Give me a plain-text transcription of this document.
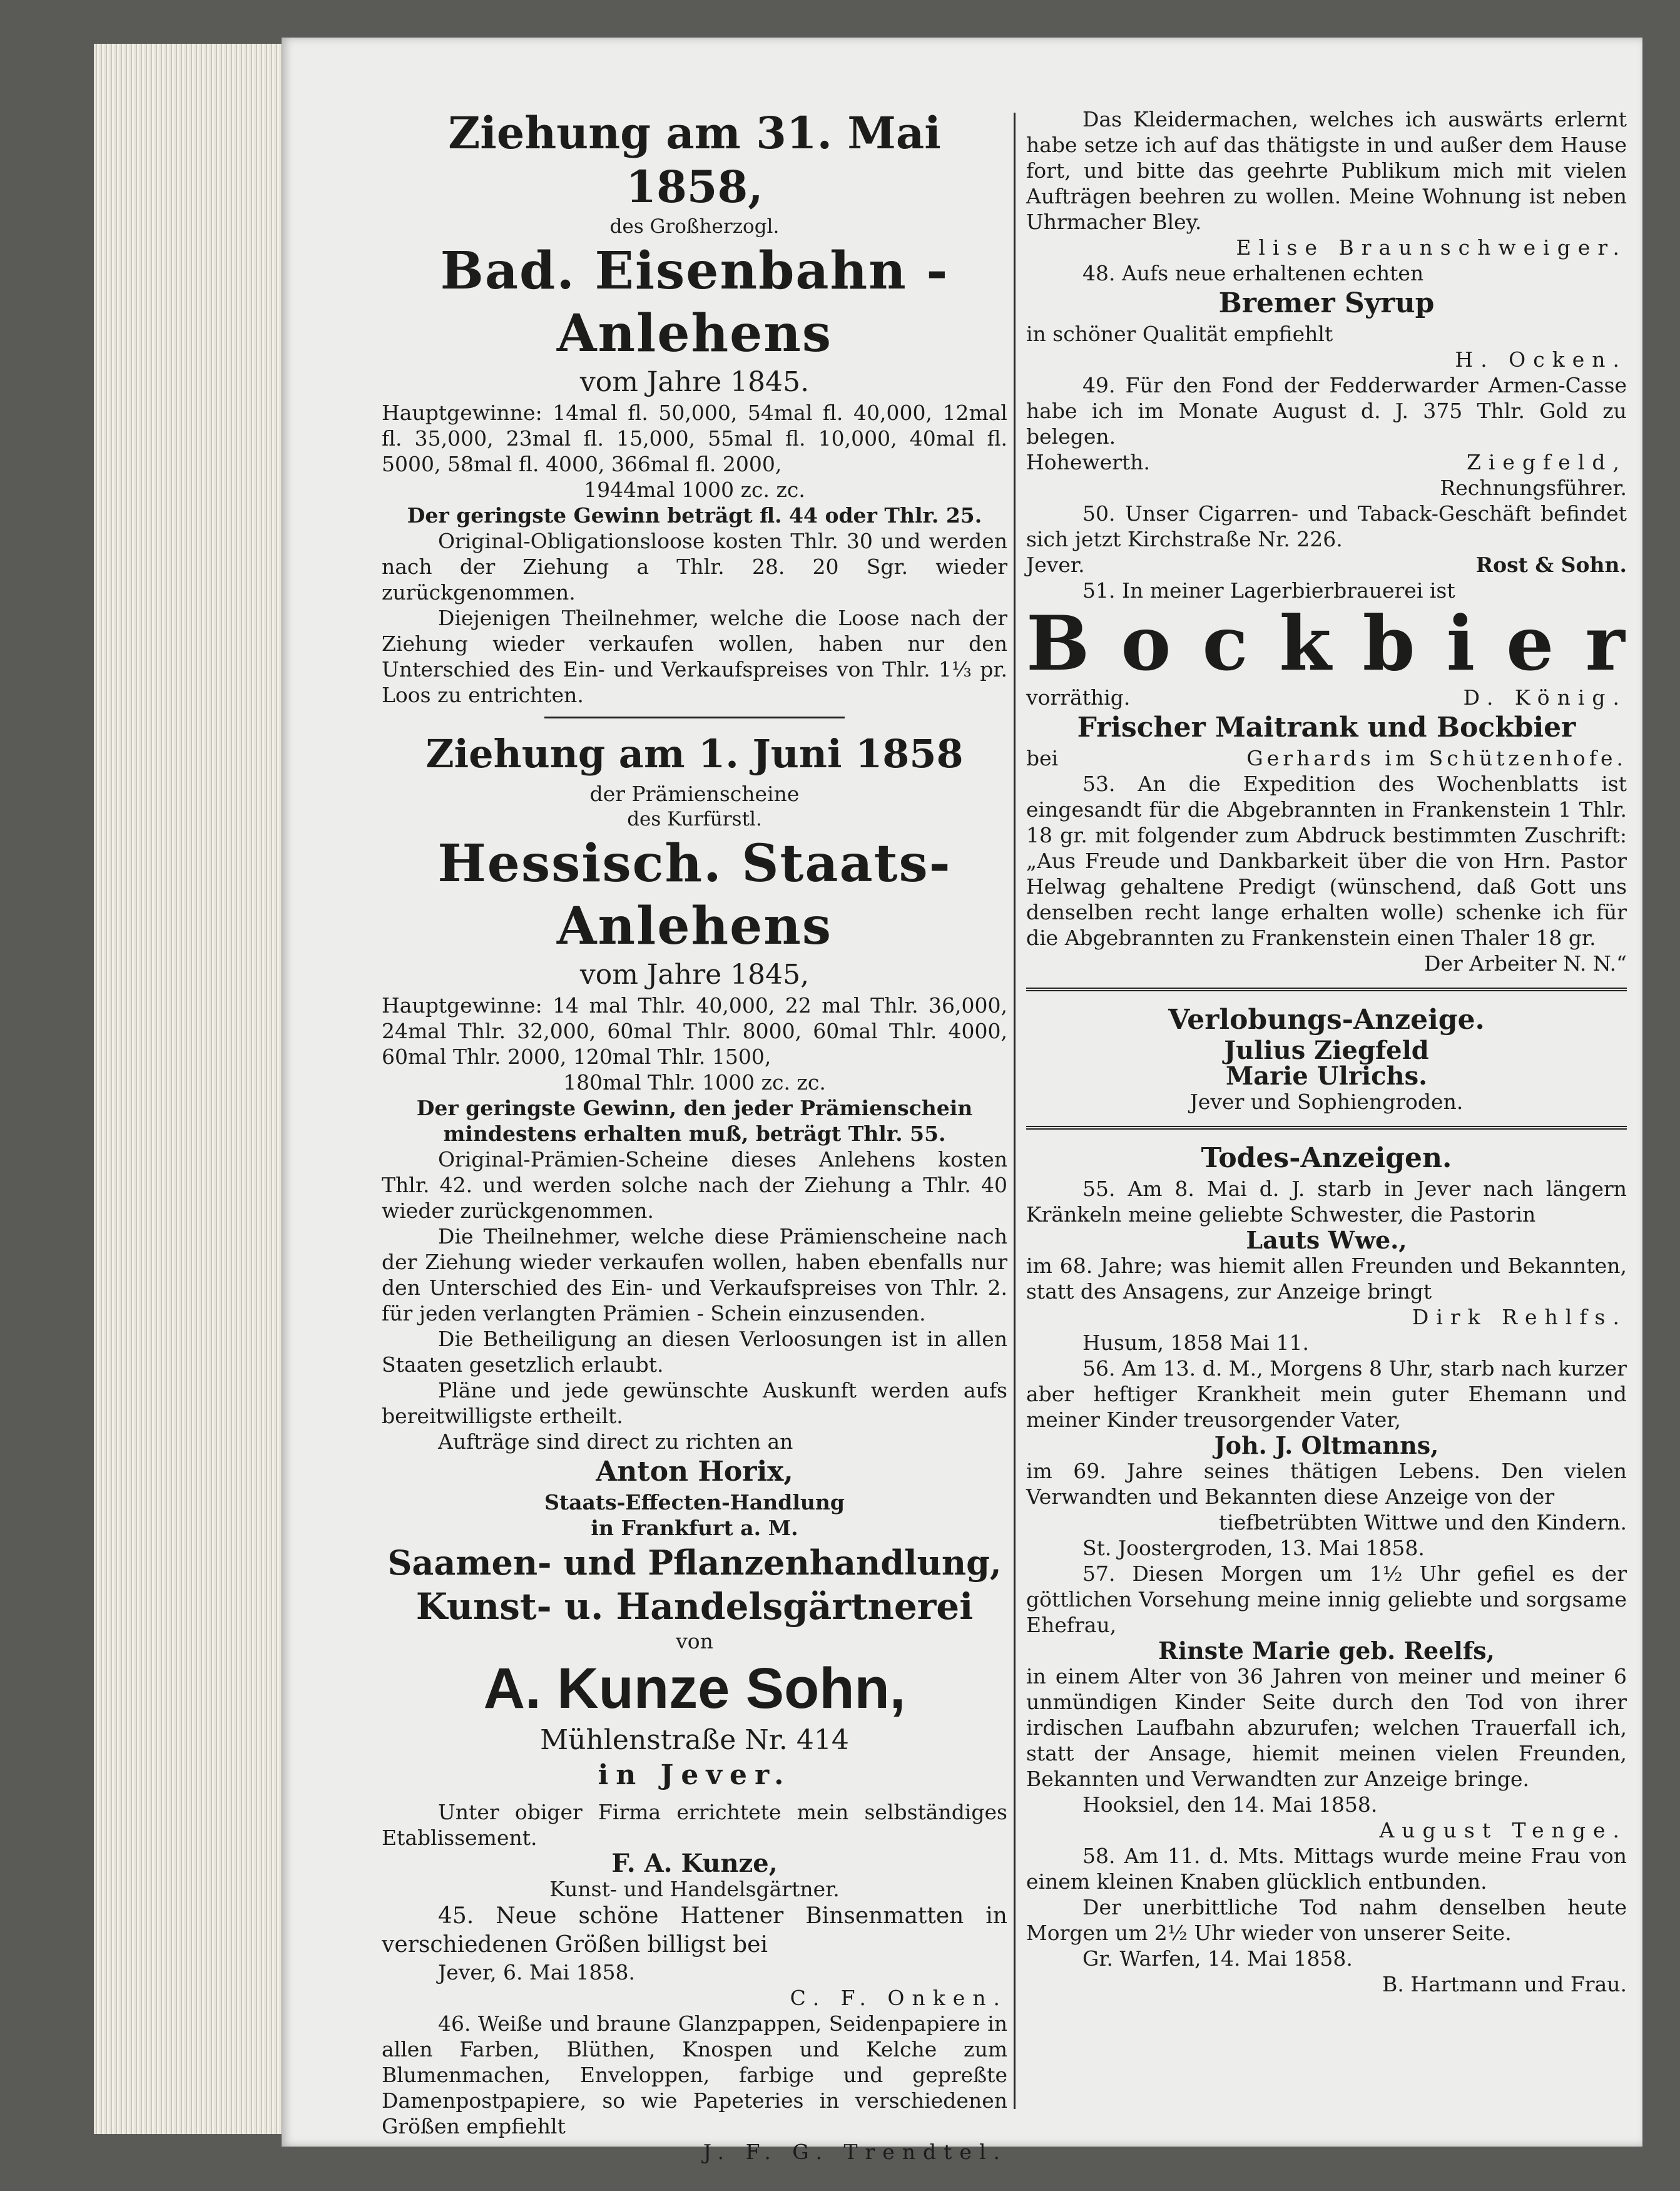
Ziehung am 31. Mai 1858,
des Großherzogl.
Bad. Eisenbahn - Anlehens
vom Jahre 1845.
Hauptgewinne: 14mal fl. 50,000, 54mal fl. 40,000, 12mal fl. 35,000, 23mal fl. 15,000, 55mal fl. 10,000, 40mal fl. 5000, 58mal fl. 4000, 366mal fl. 2000,
1944mal 1000 zc. zc.
Der geringste Gewinn beträgt fl. 44 oder Thlr. 25.
Original-Obligationsloose kosten Thlr. 30 und werden nach der Ziehung a Thlr. 28. 20 Sgr. wieder zurückgenommen.
Diejenigen Theilnehmer, welche die Loose nach der Ziehung wieder verkaufen wollen, haben nur den Unterschied des Ein- und Verkaufspreises von Thlr. 1⅓ pr. Loos zu entrichten.
Ziehung am 1. Juni 1858
der Prämienscheine
des Kurfürstl.
Hessisch. Staats-Anlehens
vom Jahre 1845,
Hauptgewinne: 14 mal Thlr. 40,000, 22 mal Thlr. 36,000, 24mal Thlr. 32,000, 60mal Thlr. 8000, 60mal Thlr. 4000, 60mal Thlr. 2000, 120mal Thlr. 1500,
180mal Thlr. 1000 zc. zc.
Der geringste Gewinn, den jeder Prämienschein
mindestens erhalten muß, beträgt Thlr. 55.
Original-Prämien-Scheine dieses Anlehens kosten Thlr. 42. und werden solche nach der Ziehung a Thlr. 40 wieder zurückgenommen.
Die Theilnehmer, welche diese Prämienscheine nach der Ziehung wieder verkaufen wollen, haben ebenfalls nur den Unterschied des Ein- und Verkaufspreises von Thlr. 2. für jeden verlangten Prämien - Schein einzusenden.
Die Betheiligung an diesen Verloosungen ist in allen Staaten gesetzlich erlaubt.
Pläne und jede gewünschte Auskunft werden aufs bereitwilligste ertheilt.
Aufträge sind direct zu richten an
Anton Horix,
Staats-Effecten-Handlung
in Frankfurt a. M.
Saamen- und Pflanzenhandlung,
Kunst- u. Handelsgärtnerei
von
A. Kunze Sohn,
Mühlenstraße Nr. 414
in Jever.
Unter obiger Firma errichtete mein selbständiges Etablissement.
F. A. Kunze,
Kunst- und Handelsgärtner.
45. Neue schöne Hattener Binsenmatten in verschiedenen Größen billigst bei
Jever, 6. Mai 1858.
C. F. Onken.
46. Weiße und braune Glanzpappen, Seidenpapiere in allen Farben, Blüthen, Knospen und Kelche zum Blumenmachen, Enveloppen, farbige und gepreßte Damenpostpapiere, so wie Papeteries in verschiedenen Größen empfiehlt
J. F. G. Trendtel.
Das Kleidermachen, welches ich auswärts erlernt habe setze ich auf das thätigste in und außer dem Hause fort, und bitte das geehrte Publikum mich mit vielen Aufträgen beehren zu wollen. Meine Wohnung ist neben Uhrmacher Bley.
Elise Braunschweiger.
48. Aufs neue erhaltenen echten
Bremer Syrup
in schöner Qualität empfiehlt
H. Ocken.
49. Für den Fond der Fedderwarder Armen-Casse habe ich im Monate August d. J. 375 Thlr. Gold zu belegen.
Hohewerth.	Ziegfeld,
Rechnungsführer.
50. Unser Cigarren- und Taback-Geschäft befindet sich jetzt Kirchstraße Nr. 226.
Jever.	Rost & Sohn.
51. In meiner Lagerbierbrauerei ist
Bockbier
vorräthig.	D. König.
Frischer Maitrank und Bockbier
bei	Gerhards im Schützenhofe.
53. An die Expedition des Wochenblatts ist eingesandt für die Abgebrannten in Frankenstein 1 Thlr. 18 gr. mit folgender zum Abdruck bestimmten Zuschrift: „Aus Freude und Dankbarkeit über die von Hrn. Pastor Helwag gehaltene Predigt (wünschend, daß Gott uns denselben recht lange erhalten wolle) schenke ich für die Abgebrannten zu Frankenstein einen Thaler 18 gr.
Der Arbeiter N. N.“
Verlobungs-Anzeige.
Julius Ziegfeld
Marie Ulrichs.
Jever und Sophiengroden.
Todes-Anzeigen.
55. Am 8. Mai d. J. starb in Jever nach längern Kränkeln meine geliebte Schwester, die Pastorin
Lauts Wwe.,
im 68. Jahre; was hiemit allen Freunden und Bekannten, statt des Ansagens, zur Anzeige bringt
Dirk Rehlfs.
Husum, 1858 Mai 11.
56. Am 13. d. M., Morgens 8 Uhr, starb nach kurzer aber heftiger Krankheit mein guter Ehemann und meiner Kinder treusorgender Vater,
Joh. J. Oltmanns,
im 69. Jahre seines thätigen Lebens. Den vielen Verwandten und Bekannten diese Anzeige von der
tiefbetrübten Wittwe und den Kindern.
St. Joostergroden, 13. Mai 1858.
57. Diesen Morgen um 1½ Uhr gefiel es der göttlichen Vorsehung meine innig geliebte und sorgsame Ehefrau,
Rinste Marie geb. Reelfs,
in einem Alter von 36 Jahren von meiner und meiner 6 unmündigen Kinder Seite durch den Tod von ihrer irdischen Laufbahn abzurufen; welchen Trauerfall ich, statt der Ansage, hiemit meinen vielen Freunden, Bekannten und Verwandten zur Anzeige bringe.
Hooksiel, den 14. Mai 1858.
August Tenge.
58. Am 11. d. Mts. Mittags wurde meine Frau von einem kleinen Knaben glücklich entbunden.
Der unerbittliche Tod nahm denselben heute Morgen um 2½ Uhr wieder von unserer Seite.
Gr. Warfen, 14. Mai 1858.
B. Hartmann und Frau.
